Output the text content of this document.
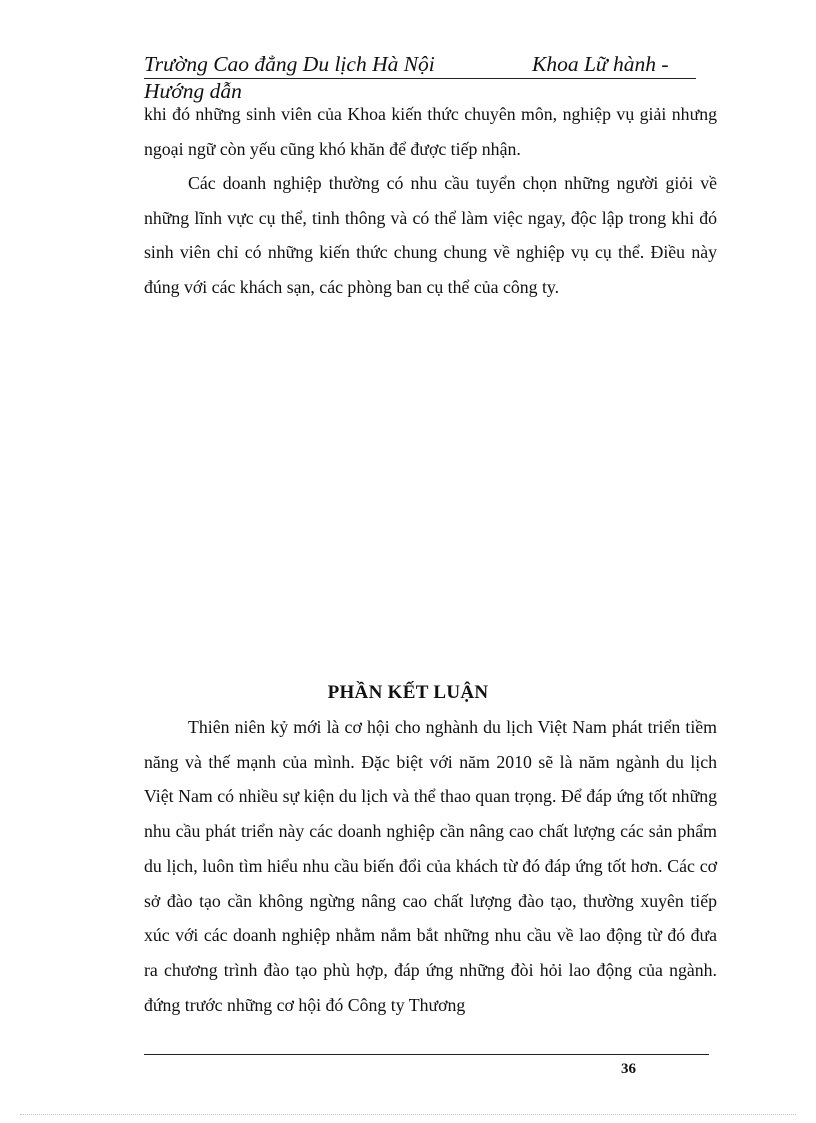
Trường Cao đẳng Du lịch Hà Nội	Khoa Lữ hành -
Hướng dẫn

khi đó những sinh viên của Khoa kiến thức chuyên môn, nghiệp vụ giải nhưng ngoại ngữ còn yếu cũng khó khăn để được tiếp nhận.

Các doanh nghiệp thường có nhu cầu tuyển chọn những người giỏi về những lĩnh vực cụ thể, tinh thông và có thể làm việc ngay, độc lập trong khi đó sinh viên chỉ có những kiến thức chung chung về nghiệp vụ cụ thể. Điều này đúng với các khách sạn, các phòng ban cụ thể của công ty.

PHẦN KẾT LUẬN

Thiên niên kỷ mới là cơ hội cho nghành du lịch Việt Nam phát triển tiềm năng và thế mạnh của mình. Đặc biệt với năm 2010 sẽ là năm ngành du lịch Việt Nam có nhiều sự kiện du lịch và thể thao quan trọng. Để đáp ứng tốt những nhu cầu phát triển này các doanh nghiệp cần nâng cao chất lượng các sản phẩm du lịch, luôn tìm hiểu nhu cầu biến đổi của khách từ đó đáp ứng tốt hơn. Các cơ sở đào tạo cần không ngừng nâng cao chất lượng đào tạo, thường xuyên tiếp xúc với các doanh nghiệp nhằm nắm bắt những nhu cầu về lao động từ đó đưa ra chương trình đào tạo phù hợp, đáp ứng những đòi hỏi lao động của ngành. đứng trước những cơ hội đó Công ty Thương

36
